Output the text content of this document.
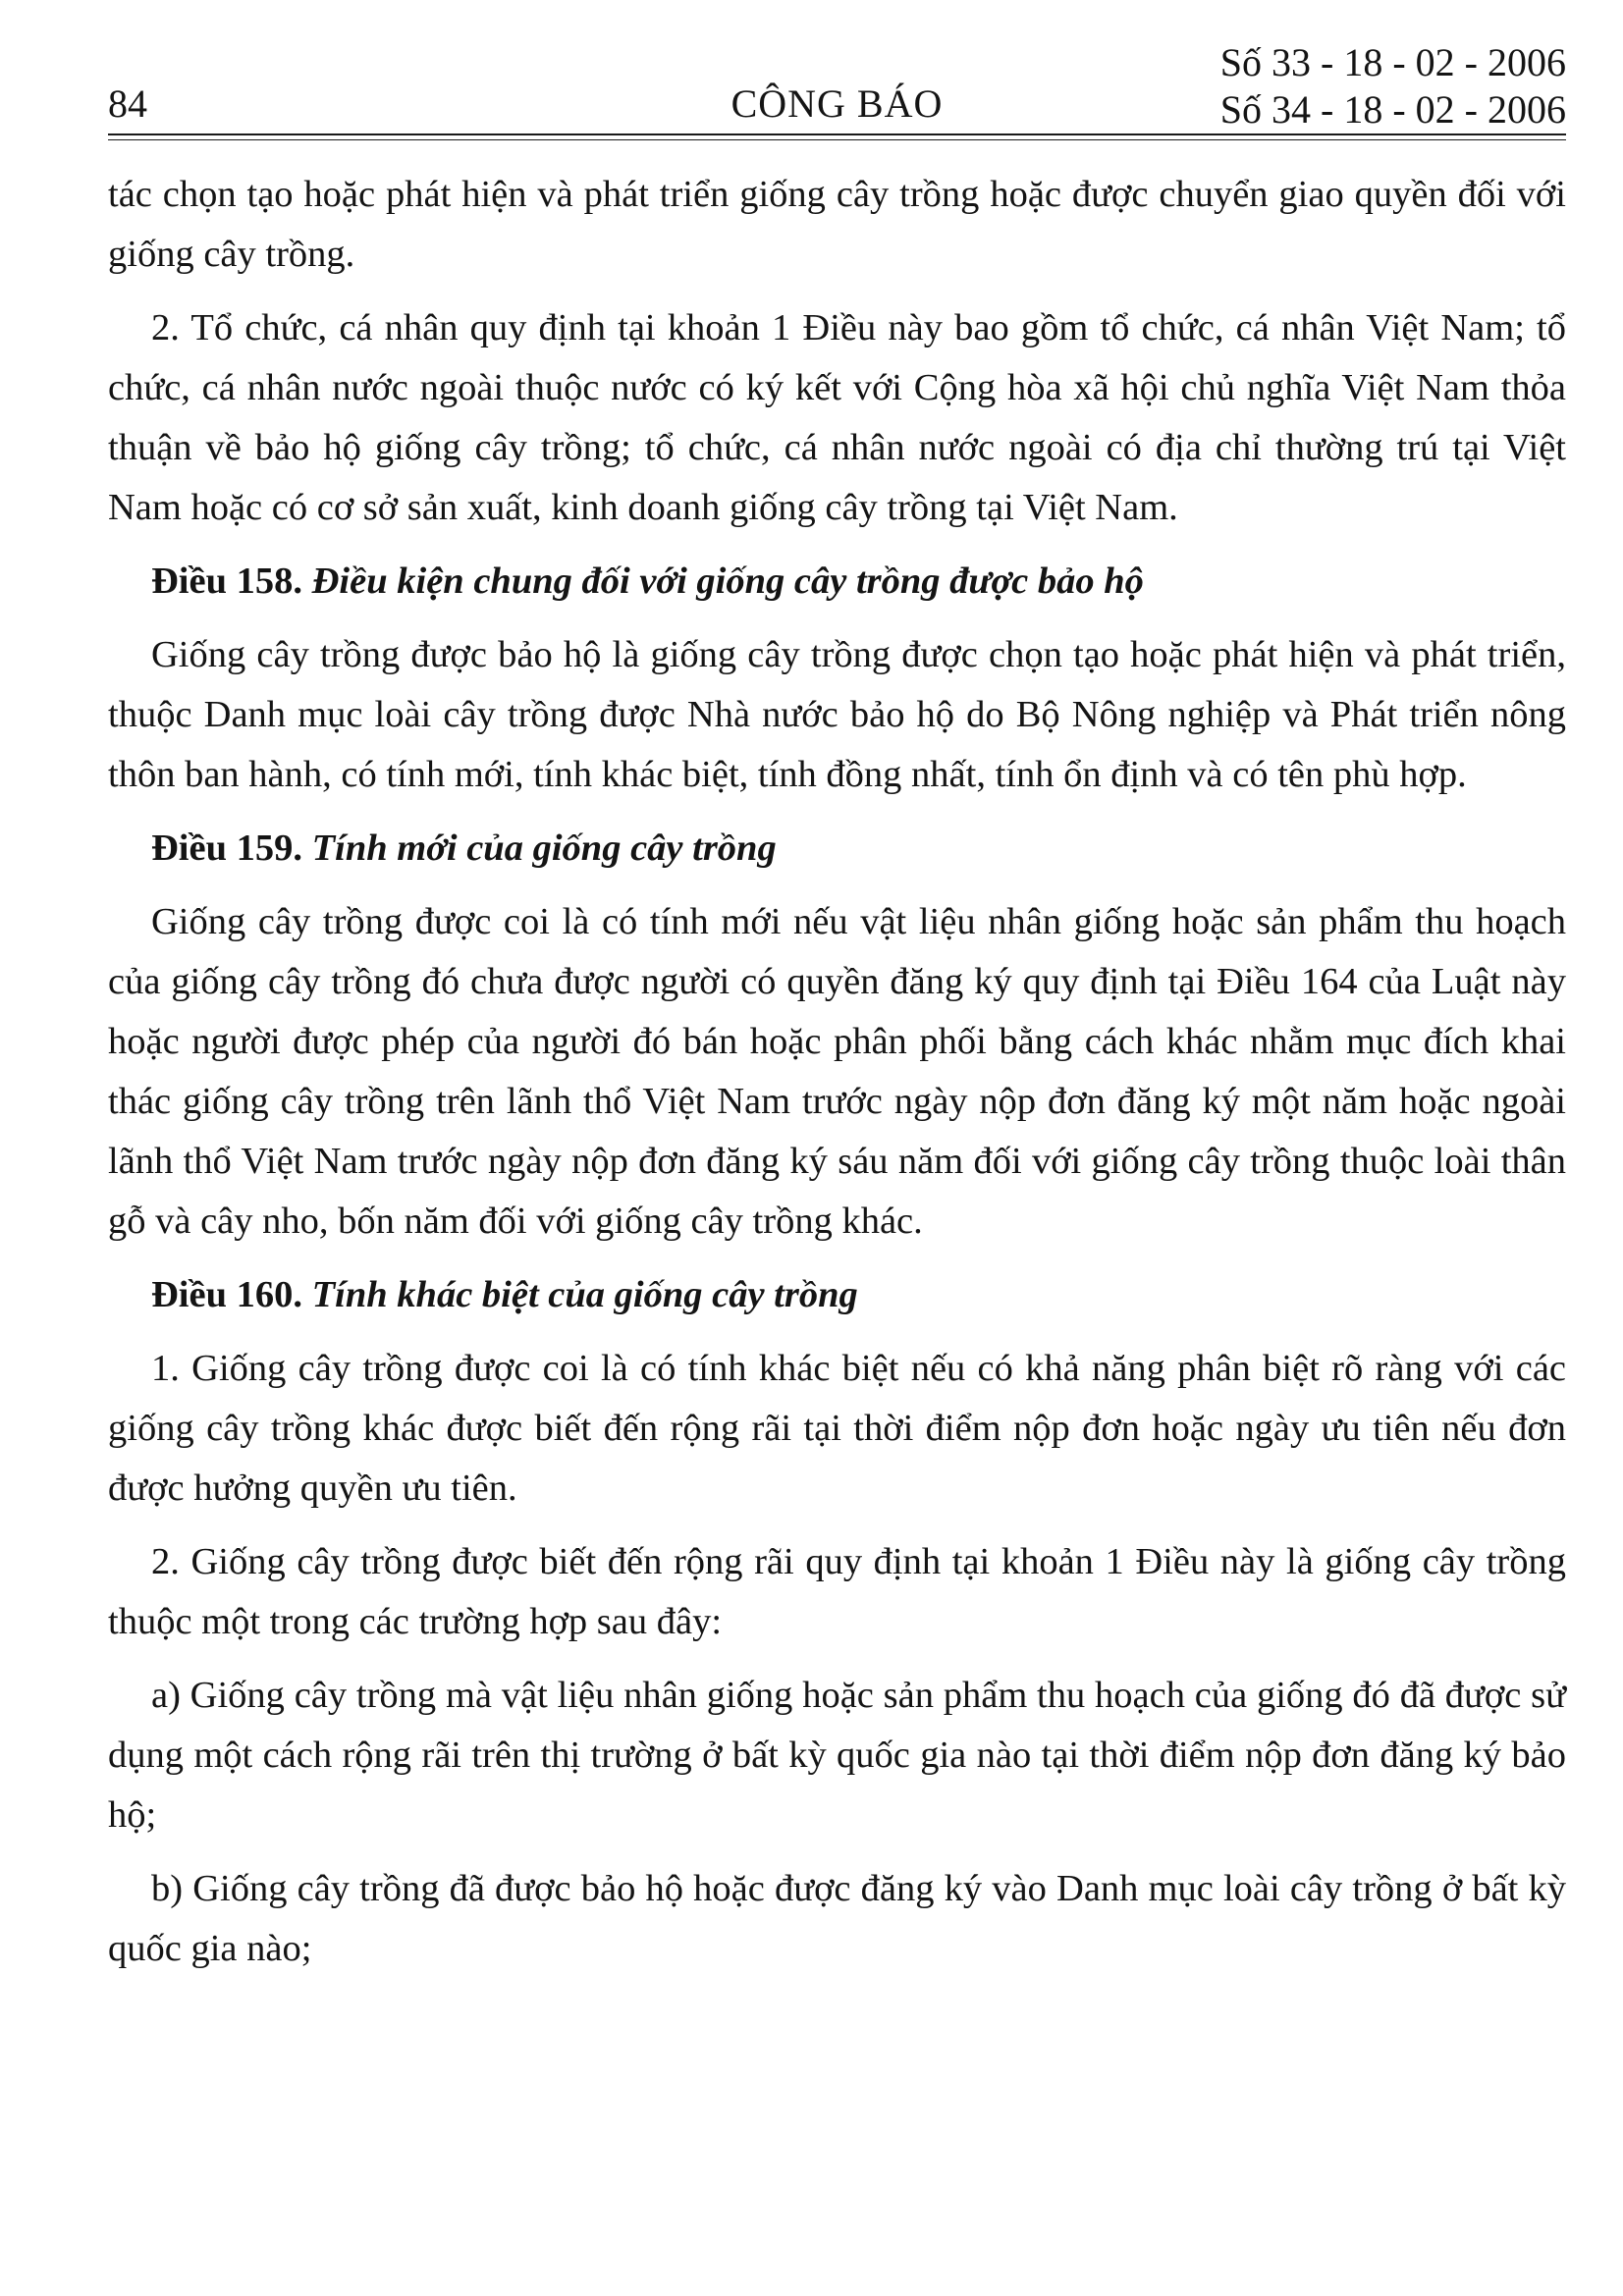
84	CÔNG BÁO
Số 33 - 18 - 02 - 2006
Số 34 - 18 - 02 - 2006

tác chọn tạo hoặc phát hiện và phát triển giống cây trồng hoặc được chuyển giao quyền đối với giống cây trồng.

2. Tổ chức, cá nhân quy định tại khoản 1 Điều này bao gồm tổ chức, cá nhân Việt Nam; tổ chức, cá nhân nước ngoài thuộc nước có ký kết với Cộng hòa xã hội chủ nghĩa Việt Nam thỏa thuận về bảo hộ giống cây trồng; tổ chức, cá nhân nước ngoài có địa chỉ thường trú tại Việt Nam hoặc có cơ sở sản xuất, kinh doanh giống cây trồng tại Việt Nam.

Điều 158. Điều kiện chung đối với giống cây trồng được bảo hộ

Giống cây trồng được bảo hộ là giống cây trồng được chọn tạo hoặc phát hiện và phát triển, thuộc Danh mục loài cây trồng được Nhà nước bảo hộ do Bộ Nông nghiệp và Phát triển nông thôn ban hành, có tính mới, tính khác biệt, tính đồng nhất, tính ổn định và có tên phù hợp.

Điều 159. Tính mới của giống cây trồng

Giống cây trồng được coi là có tính mới nếu vật liệu nhân giống hoặc sản phẩm thu hoạch của giống cây trồng đó chưa được người có quyền đăng ký quy định tại Điều 164 của Luật này hoặc người được phép của người đó bán hoặc phân phối bằng cách khác nhằm mục đích khai thác giống cây trồng trên lãnh thổ Việt Nam trước ngày nộp đơn đăng ký một năm hoặc ngoài lãnh thổ Việt Nam trước ngày nộp đơn đăng ký sáu năm đối với giống cây trồng thuộc loài thân gỗ và cây nho, bốn năm đối với giống cây trồng khác.

Điều 160. Tính khác biệt của giống cây trồng

1. Giống cây trồng được coi là có tính khác biệt nếu có khả năng phân biệt rõ ràng với các giống cây trồng khác được biết đến rộng rãi tại thời điểm nộp đơn hoặc ngày ưu tiên nếu đơn được hưởng quyền ưu tiên.

2. Giống cây trồng được biết đến rộng rãi quy định tại khoản 1 Điều này là giống cây trồng thuộc một trong các trường hợp sau đây:

a) Giống cây trồng mà vật liệu nhân giống hoặc sản phẩm thu hoạch của giống đó đã được sử dụng một cách rộng rãi trên thị trường ở bất kỳ quốc gia nào tại thời điểm nộp đơn đăng ký bảo hộ;

b) Giống cây trồng đã được bảo hộ hoặc được đăng ký vào Danh mục loài cây trồng ở bất kỳ quốc gia nào;
